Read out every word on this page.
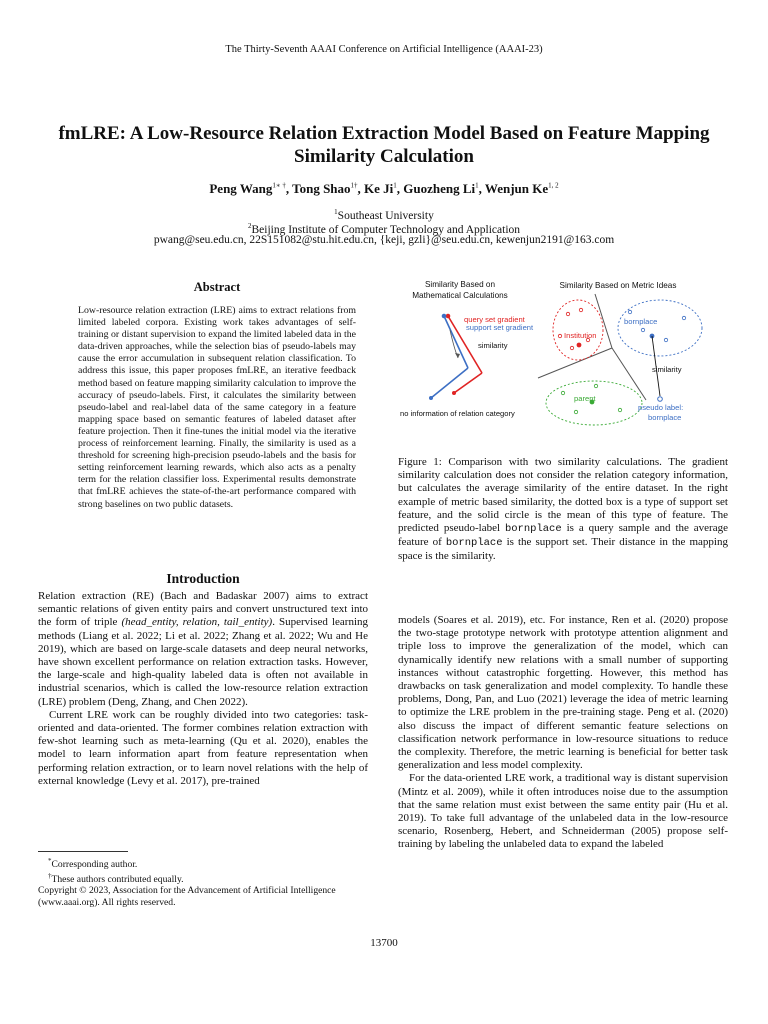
The Thirty-Seventh AAAI Conference on Artificial Intelligence (AAAI-23)
fmLRE: A Low-Resource Relation Extraction Model Based on Feature Mapping
Similarity Calculation
Peng Wang$^{1∗ \dagger}$, Tong Shao$^{1\dagger}$, Ke Ji$^1$, Guozheng Li$^1$, Wenjun Ke$^{1, 2}$
$^1$Southeast University
$^2$Beijing Institute of Computer Technology and Application
pwang@seu.edu.cn, 22S151082@stu.hit.edu.cn, {keji, gzli}@seu.edu.cn, kewenjun2191@163.com
Abstract
Low-resource relation extraction (LRE) aims to extract relations from limited labeled corpora. Existing work takes advantages of self-training or distant supervision to expand the limited labeled data in the data-driven approaches, while the selection bias of pseudo-labels may cause the error accumulation in subsequent relation classification. To address this issue, this paper proposes fmLRE, an iterative feedback method based on feature mapping similarity calculation to improve the accuracy of pseudo-labels. First, it calculates the similarity between pseudo-label and real-label data of the same category in a feature mapping space based on semantic features of labeled dataset after feature projection. Then it fine-tunes the initial model via the iterative process of reinforcement learning. Finally, the similarity is used as a threshold for screening high-precision pseudo-labels and the basis for setting reinforcement learning rewards, which also acts as a penalty term for the relation classifier loss. Experimental results demonstrate that fmLRE achieves the state-of-the-art performance compared with strong baselines on two public datasets.
Introduction

Relation extraction (RE) (Bach and Badaskar 2007) aims to extract semantic relations of given entity pairs and convert unstructured text into the form of triple (head_entity, relation, tail_entity). Supervised learning methods (Liang et al. 2022; Li et al. 2022; Zhang et al. 2022; Wu and He 2019), which are based on large-scale datasets and deep neural networks, have shown excellent performance on relation extraction tasks. However, the large-scale and high-quality labeled data is often not available in industrial scenarios, which is called the low-resource relation extraction (LRE) problem (Deng, Zhang, and Chen 2022).

Current LRE work can be roughly divided into two categories: task-oriented and data-oriented. The former combines relation extraction with few-shot learning such as meta-learning (Qu et al. 2020), enables the model to learn information apart from feature representation when performing relation extraction, or to learn novel relations with the help of external knowledge (Levy et al. 2017), pre-trained

*Corresponding author.
†These authors contributed equally.
Copyright © 2023, Association for the Advancement of Artificial Intelligence (www.aaai.org). All rights reserved.
Similarity Based on
Mathematical Calculations
Similarity Based on Metric Ideas
query set gradient
support set gradient
similarity
no information of relation category
Institution
bornplace
similarity
parent
pseudo label:
bornplace
Figure 1: Comparison with two similarity calculations. The gradient similarity calculation does not consider the relation category information, but calculates the average similarity of the entire dataset. In the right example of metric based similarity, the dotted box is a type of support set feature, and the solid circle is the mean of this type of feature. The predicted pseudo-label bornplace is a query sample and the average feature of bornplace is the support set. Their distance in the mapping space is the similarity.

models (Soares et al. 2019), etc. For instance, Ren et al. (2020) propose the two-stage prototype network with prototype attention alignment and triple loss to improve the generalization of the model, which can dynamically identify new relations with a small number of supporting instances without catastrophic forgetting. However, this method has drawbacks on task generalization and model complexity. To handle these problems, Dong, Pan, and Luo (2021) leverage the idea of metric learning to optimize the LRE problem in the pre-training stage. Peng et al. (2020) also discuss the impact of different semantic feature selections on classification network performance in low-resource situations to reduce the complexity. Therefore, the metric learning is beneficial for better task generalization and less model complexity.

For the data-oriented LRE work, a traditional way is distant supervision (Mintz et al. 2009), while it often introduces noise due to the assumption that the same relation must exist between the same entity pair (Hu et al. 2019). To take full advantage of the unlabeled data in the low-resource scenario, Rosenberg, Hebert, and Schneiderman (2005) propose self-training by labeling the unlabeled data to expand the labeled

13700
